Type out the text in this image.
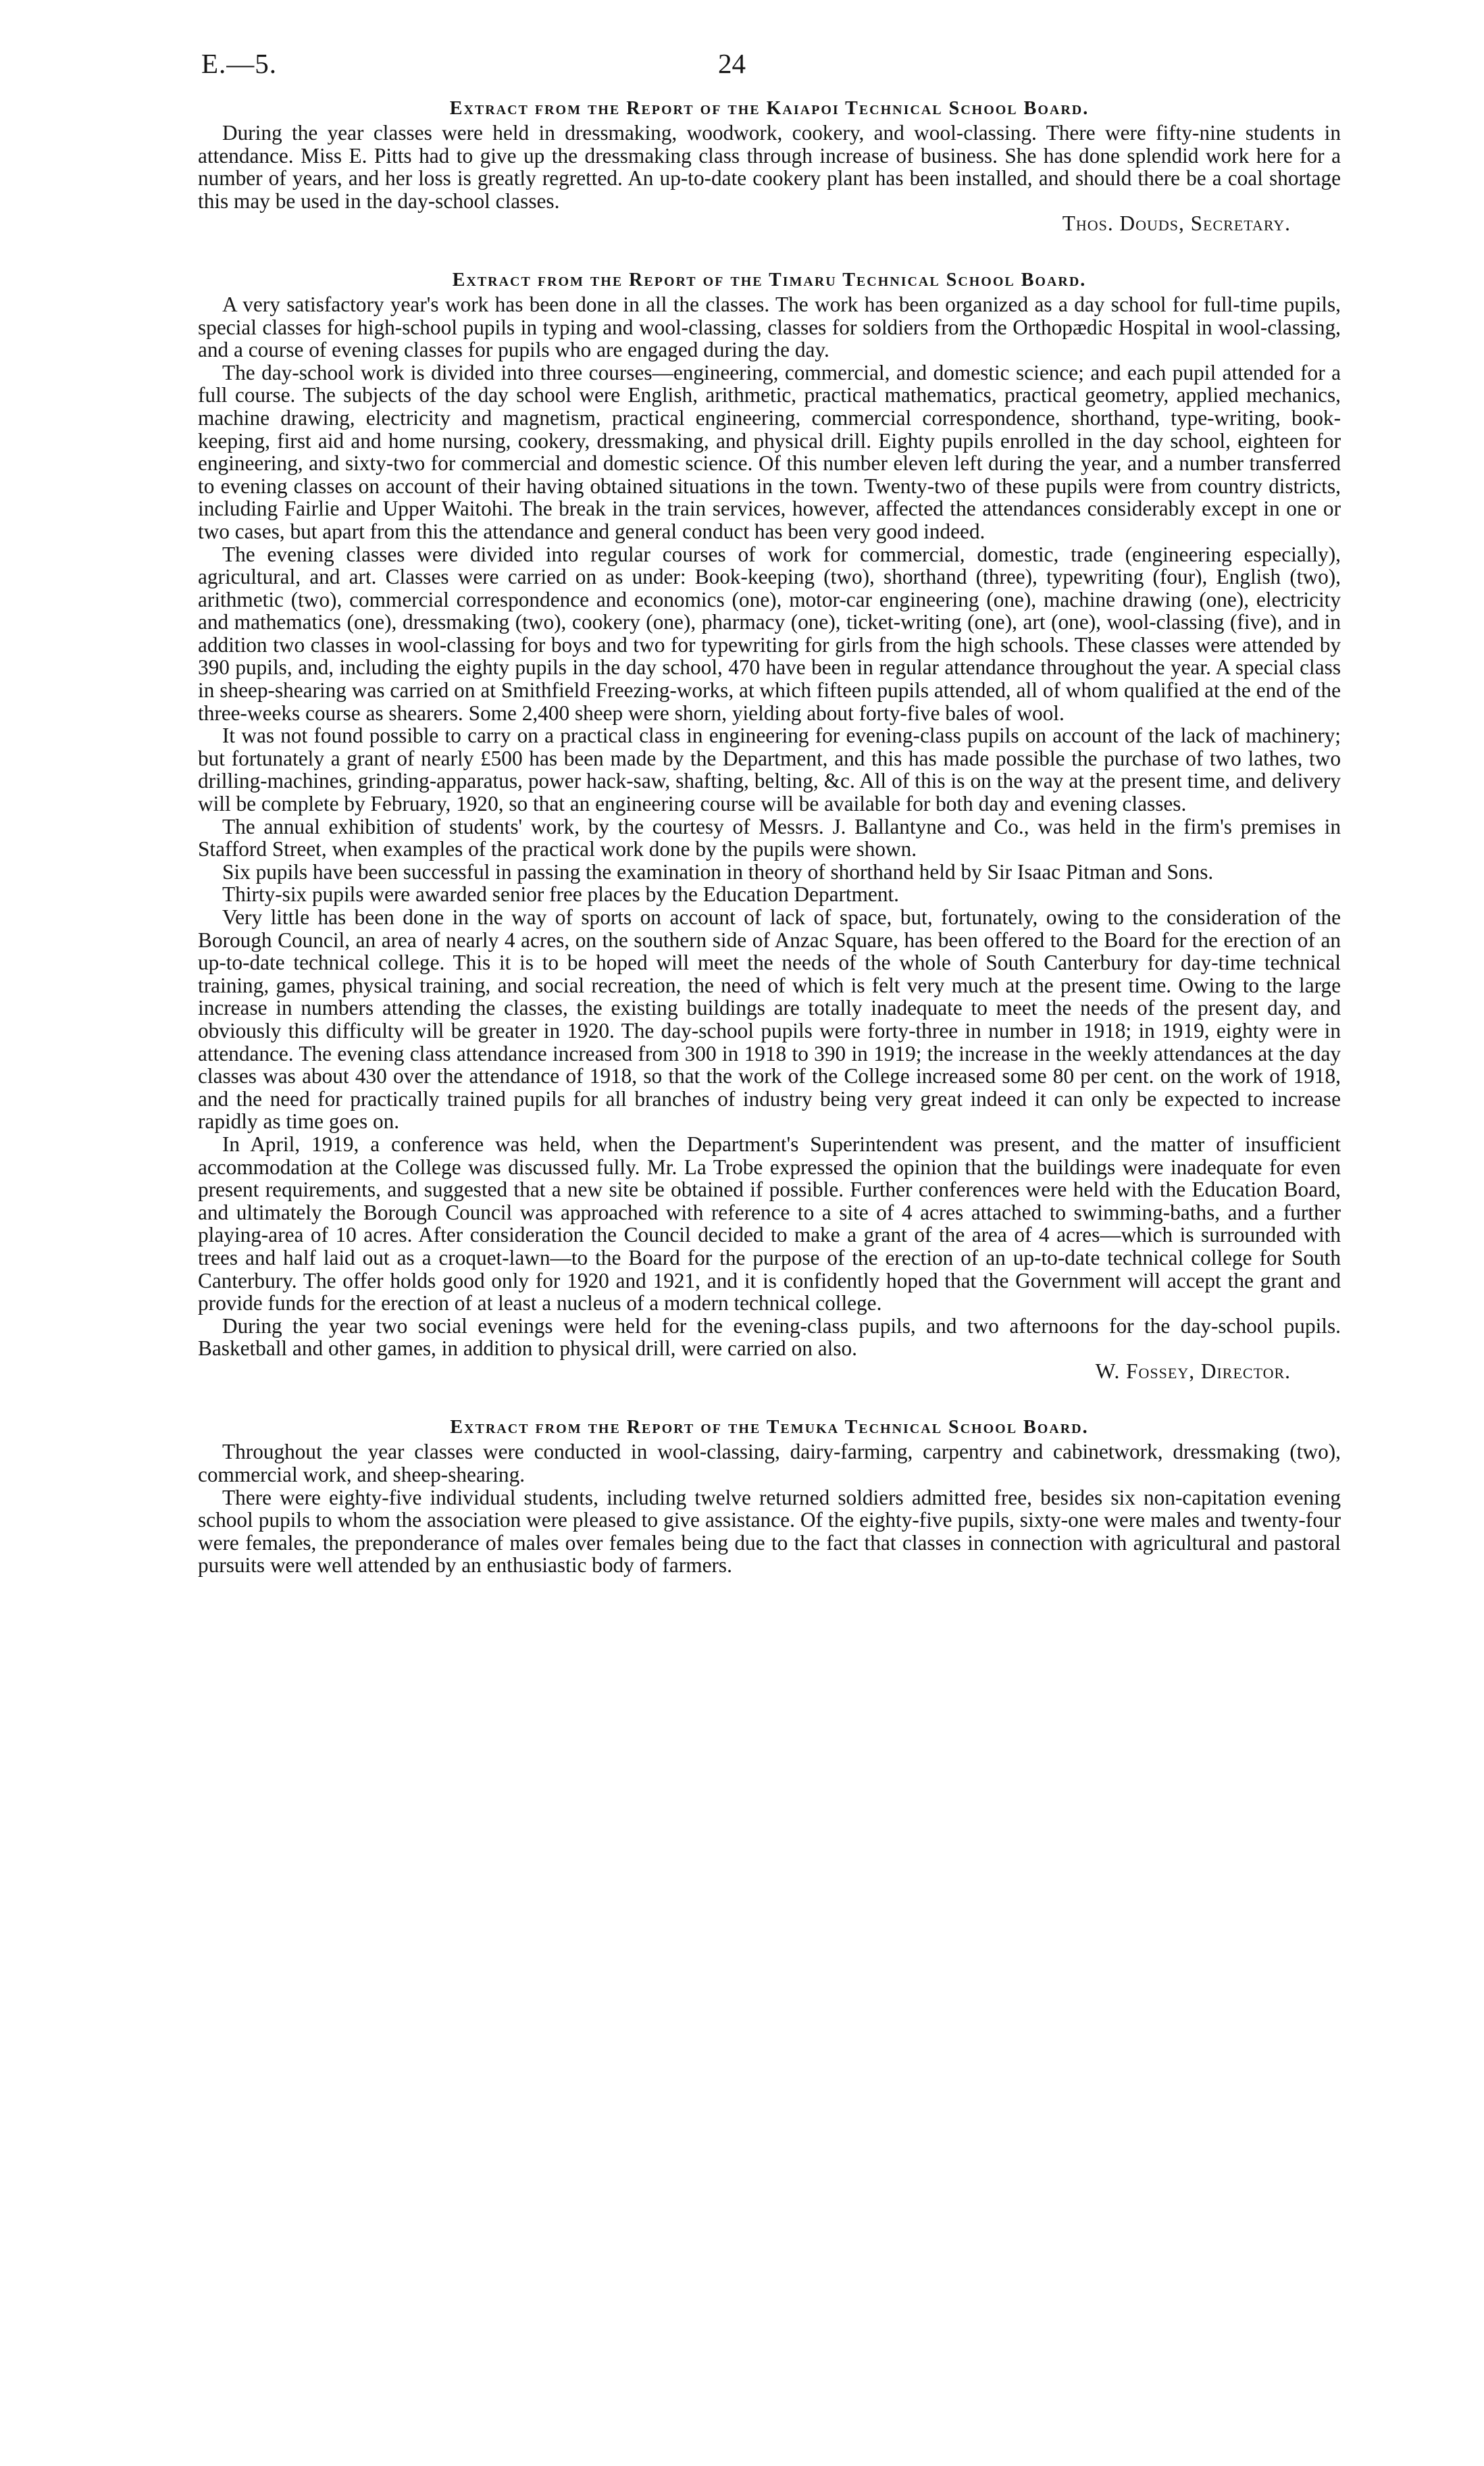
E.—5.	24
Extract from the Report of the Kaiapoi Technical School Board.

During the year classes were held in dressmaking, woodwork, cookery, and wool-classing. There were fifty-nine students in attendance. Miss E. Pitts had to give up the dressmaking class through increase of business. She has done splendid work here for a number of years, and her loss is greatly regretted. An up-to-date cookery plant has been installed, and should there be a coal shortage this may be used in the day-school classes.

Thos. Douds, Secretary.

Extract from the Report of the Timaru Technical School Board.

A very satisfactory year's work has been done in all the classes. The work has been organized as a day school for full-time pupils, special classes for high-school pupils in typing and wool-classing, classes for soldiers from the Orthopædic Hospital in wool-classing, and a course of evening classes for pupils who are engaged during the day.

The day-school work is divided into three courses—engineering, commercial, and domestic science; and each pupil attended for a full course. The subjects of the day school were English, arithmetic, practical mathematics, practical geometry, applied mechanics, machine drawing, electricity and magnetism, practical engineering, commercial correspondence, shorthand, type-writing, book-keeping, first aid and home nursing, cookery, dressmaking, and physical drill. Eighty pupils enrolled in the day school, eighteen for engineering, and sixty-two for commercial and domestic science. Of this number eleven left during the year, and a number transferred to evening classes on account of their having obtained situations in the town. Twenty-two of these pupils were from country districts, including Fairlie and Upper Waitohi. The break in the train services, however, affected the attendances considerably except in one or two cases, but apart from this the attendance and general conduct has been very good indeed.

The evening classes were divided into regular courses of work for commercial, domestic, trade (engineering especially), agricultural, and art. Classes were carried on as under: Book-keeping (two), shorthand (three), typewriting (four), English (two), arithmetic (two), commercial correspondence and economics (one), motor-car engineering (one), machine drawing (one), electricity and mathematics (one), dressmaking (two), cookery (one), pharmacy (one), ticket-writing (one), art (one), wool-classing (five), and in addition two classes in wool-classing for boys and two for typewriting for girls from the high schools. These classes were attended by 390 pupils, and, including the eighty pupils in the day school, 470 have been in regular attendance throughout the year. A special class in sheep-shearing was carried on at Smithfield Freezing-works, at which fifteen pupils attended, all of whom qualified at the end of the three-weeks course as shearers. Some 2,400 sheep were shorn, yielding about forty-five bales of wool.

It was not found possible to carry on a practical class in engineering for evening-class pupils on account of the lack of machinery; but fortunately a grant of nearly £500 has been made by the Department, and this has made possible the purchase of two lathes, two drilling-machines, grinding-apparatus, power hack-saw, shafting, belting, &c. All of this is on the way at the present time, and delivery will be complete by February, 1920, so that an engineering course will be available for both day and evening classes.

The annual exhibition of students' work, by the courtesy of Messrs. J. Ballantyne and Co., was held in the firm's premises in Stafford Street, when examples of the practical work done by the pupils were shown.

Six pupils have been successful in passing the examination in theory of shorthand held by Sir Isaac Pitman and Sons.

Thirty-six pupils were awarded senior free places by the Education Department.

Very little has been done in the way of sports on account of lack of space, but, fortunately, owing to the consideration of the Borough Council, an area of nearly 4 acres, on the southern side of Anzac Square, has been offered to the Board for the erection of an up-to-date technical college. This it is to be hoped will meet the needs of the whole of South Canterbury for day-time technical training, games, physical training, and social recreation, the need of which is felt very much at the present time. Owing to the large increase in numbers attending the classes, the existing buildings are totally inadequate to meet the needs of the present day, and obviously this difficulty will be greater in 1920. The day-school pupils were forty-three in number in 1918; in 1919, eighty were in attendance. The evening class attendance increased from 300 in 1918 to 390 in 1919; the increase in the weekly attendances at the day classes was about 430 over the attendance of 1918, so that the work of the College increased some 80 per cent. on the work of 1918, and the need for practically trained pupils for all branches of industry being very great indeed it can only be expected to increase rapidly as time goes on.

In April, 1919, a conference was held, when the Department's Superintendent was present, and the matter of insufficient accommodation at the College was discussed fully. Mr. La Trobe expressed the opinion that the buildings were inadequate for even present requirements, and suggested that a new site be obtained if possible. Further conferences were held with the Education Board, and ultimately the Borough Council was approached with reference to a site of 4 acres attached to swimming-baths, and a further playing-area of 10 acres. After consideration the Council decided to make a grant of the area of 4 acres—which is surrounded with trees and half laid out as a croquet-lawn—to the Board for the purpose of the erection of an up-to-date technical college for South Canterbury. The offer holds good only for 1920 and 1921, and it is confidently hoped that the Government will accept the grant and provide funds for the erection of at least a nucleus of a modern technical college.

During the year two social evenings were held for the evening-class pupils, and two afternoons for the day-school pupils. Basketball and other games, in addition to physical drill, were carried on also.

W. Fossey, Director.

Extract from the Report of the Temuka Technical School Board.

Throughout the year classes were conducted in wool-classing, dairy-farming, carpentry and cabinetwork, dressmaking (two), commercial work, and sheep-shearing.

There were eighty-five individual students, including twelve returned soldiers admitted free, besides six non-capitation evening school pupils to whom the association were pleased to give assistance. Of the eighty-five pupils, sixty-one were males and twenty-four were females, the preponderance of males over females being due to the fact that classes in connection with agricultural and pastoral pursuits were well attended by an enthusiastic body of farmers.
